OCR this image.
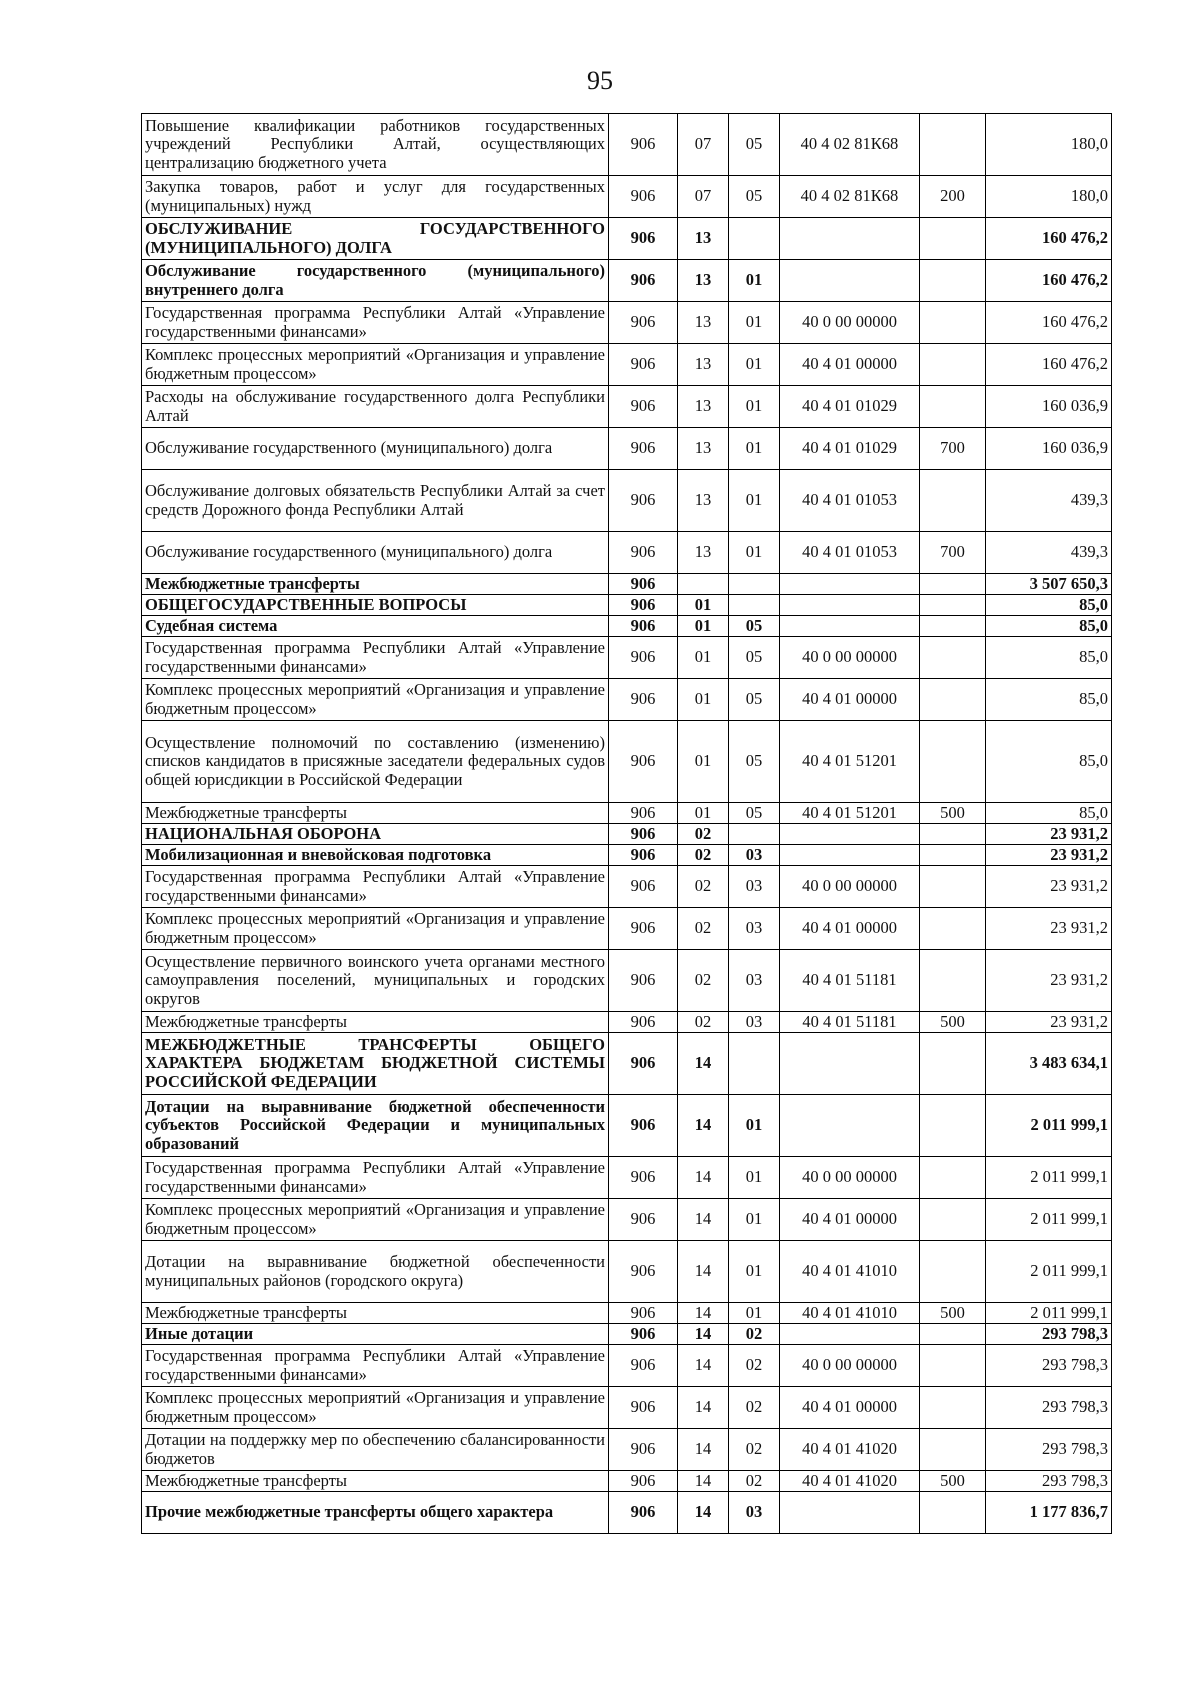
95
Повышение квалификации работников государственных учреждений Республики Алтай, осуществляющих централизацию бюджетного учета	906	07	05	40 4 02 81К68		180,0
Закупка товаров, работ и услуг для государственных (муниципальных) нужд	906	07	05	40 4 02 81К68	200	180,0
ОБСЛУЖИВАНИЕ ГОСУДАРСТВЕННОГО (МУНИЦИПАЛЬНОГО) ДОЛГА	906	13				160 476,2
Обслуживание государственного (муниципального) внутреннего долга	906	13	01			160 476,2
Государственная программа Республики Алтай «Управление государственными финансами»	906	13	01	40 0 00 00000		160 476,2
Комплекс процессных мероприятий «Организация и управление бюджетным процессом»	906	13	01	40 4 01 00000		160 476,2
Расходы на обслуживание государственного долга Республики Алтай	906	13	01	40 4 01 01029		160 036,9
Обслуживание государственного (муниципального) долга	906	13	01	40 4 01 01029	700	160 036,9
Обслуживание долговых обязательств Республики Алтай за счет средств Дорожного фонда Республики Алтай	906	13	01	40 4 01 01053		439,3
Обслуживание государственного (муниципального) долга	906	13	01	40 4 01 01053	700	439,3
Межбюджетные трансферты	906					3 507 650,3
ОБЩЕГОСУДАРСТВЕННЫЕ ВОПРОСЫ	906	01				85,0
Судебная система	906	01	05			85,0
Государственная программа Республики Алтай «Управление государственными финансами»	906	01	05	40 0 00 00000		85,0
Комплекс процессных мероприятий «Организация и управление бюджетным процессом»	906	01	05	40 4 01 00000		85,0
Осуществление полномочий по составлению (изменению) списков кандидатов в присяжные заседатели федеральных судов общей юрисдикции в Российской Федерации	906	01	05	40 4 01 51201		85,0
Межбюджетные трансферты	906	01	05	40 4 01 51201	500	85,0
НАЦИОНАЛЬНАЯ ОБОРОНА	906	02				23 931,2
Мобилизационная и вневойсковая подготовка	906	02	03			23 931,2
Государственная программа Республики Алтай «Управление государственными финансами»	906	02	03	40 0 00 00000		23 931,2
Комплекс процессных мероприятий «Организация и управление бюджетным процессом»	906	02	03	40 4 01 00000		23 931,2
Осуществление первичного воинского учета органами местного самоуправления поселений, муниципальных и городских округов	906	02	03	40 4 01 51181		23 931,2
Межбюджетные трансферты	906	02	03	40 4 01 51181	500	23 931,2
МЕЖБЮДЖЕТНЫЕ ТРАНСФЕРТЫ ОБЩЕГО ХАРАКТЕРА БЮДЖЕТАМ БЮДЖЕТНОЙ СИСТЕМЫ РОССИЙСКОЙ ФЕДЕРАЦИИ	906	14				3 483 634,1
Дотации на выравнивание бюджетной обеспеченности субъектов Российской Федерации и муниципальных образований	906	14	01			2 011 999,1
Государственная программа Республики Алтай «Управление государственными финансами»	906	14	01	40 0 00 00000		2 011 999,1
Комплекс процессных мероприятий «Организация и управление бюджетным процессом»	906	14	01	40 4 01 00000		2 011 999,1
Дотации на выравнивание бюджетной обеспеченности муниципальных районов (городского округа)	906	14	01	40 4 01 41010		2 011 999,1
Межбюджетные трансферты	906	14	01	40 4 01 41010	500	2 011 999,1
Иные дотации	906	14	02			293 798,3
Государственная программа Республики Алтай «Управление государственными финансами»	906	14	02	40 0 00 00000		293 798,3
Комплекс процессных мероприятий «Организация и управление бюджетным процессом»	906	14	02	40 4 01 00000		293 798,3
Дотации на поддержку мер по обеспечению сбалансированности бюджетов	906	14	02	40 4 01 41020		293 798,3
Межбюджетные трансферты	906	14	02	40 4 01 41020	500	293 798,3
Прочие межбюджетные трансферты общего характера	906	14	03			1 177 836,7
